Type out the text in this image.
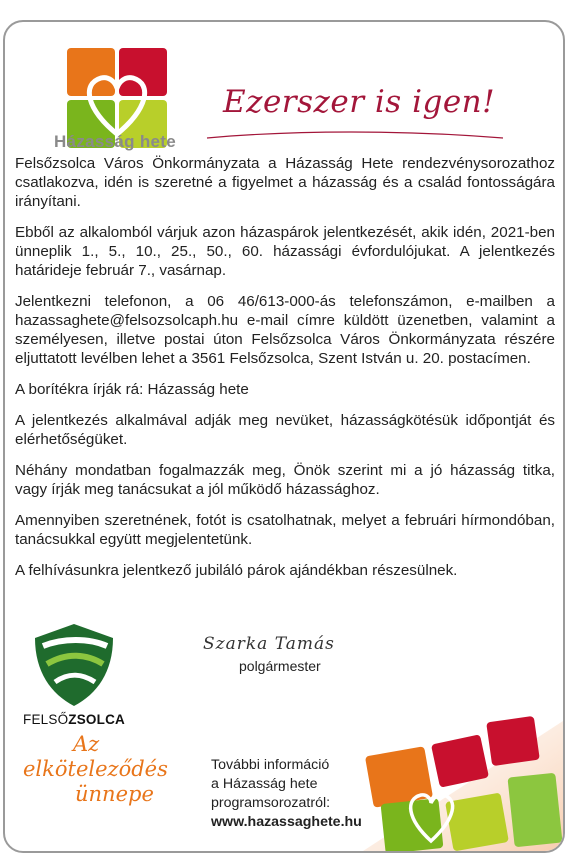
Házasság hete
Ezerszer is igen!

Felsőzsolca Város Önkormányzata a Házasság Hete rendezvénysorozathoz csatlakozva, idén is szeretné a figyelmet a házasság és a család fontosságára irányítani.

Ebből az alkalomból várjuk azon házaspárok jelentkezését, akik idén, 2021-ben ünneplik 1., 5., 10., 25., 50., 60. házassági évfordulójukat. A jelentkezés határideje február 7., vasárnap.

Jelentkezni telefonon, a 06 46/613-000-ás telefonszámon, e-mailben a hazassaghete@felsozsolcaph.hu e-mail címre küldött üzenetben, valamint a személyesen, illetve postai úton Felsőzsolca Város Önkormányzata részére eljuttatott levélben lehet a 3561 Felsőzsolca, Szent István u. 20. postacímen.

A borítékra írják rá: Házasság hete

A jelentkezés alkalmával adják meg nevüket, házasságkötésük időpontját és elérhetőségüket.

Néhány mondatban fogalmazzák meg, Önök szerint mi a jó házasság titka, vagy írják meg tanácsukat a jól működő házassághoz.

Amennyiben szeretnének, fotót is csatolhatnak, melyet a februári hírmondóban, tanácsukkal együtt megjelentetünk.

A felhívásunkra jelentkező jubiláló párok ajándékban részesülnek.

Szarka Tamás
polgármester
FELSŐZSOLCA
Az
elköteleződés
ünnepe
További információ
a Házasság hete
programsorozatról:
www.hazassaghete.hu
